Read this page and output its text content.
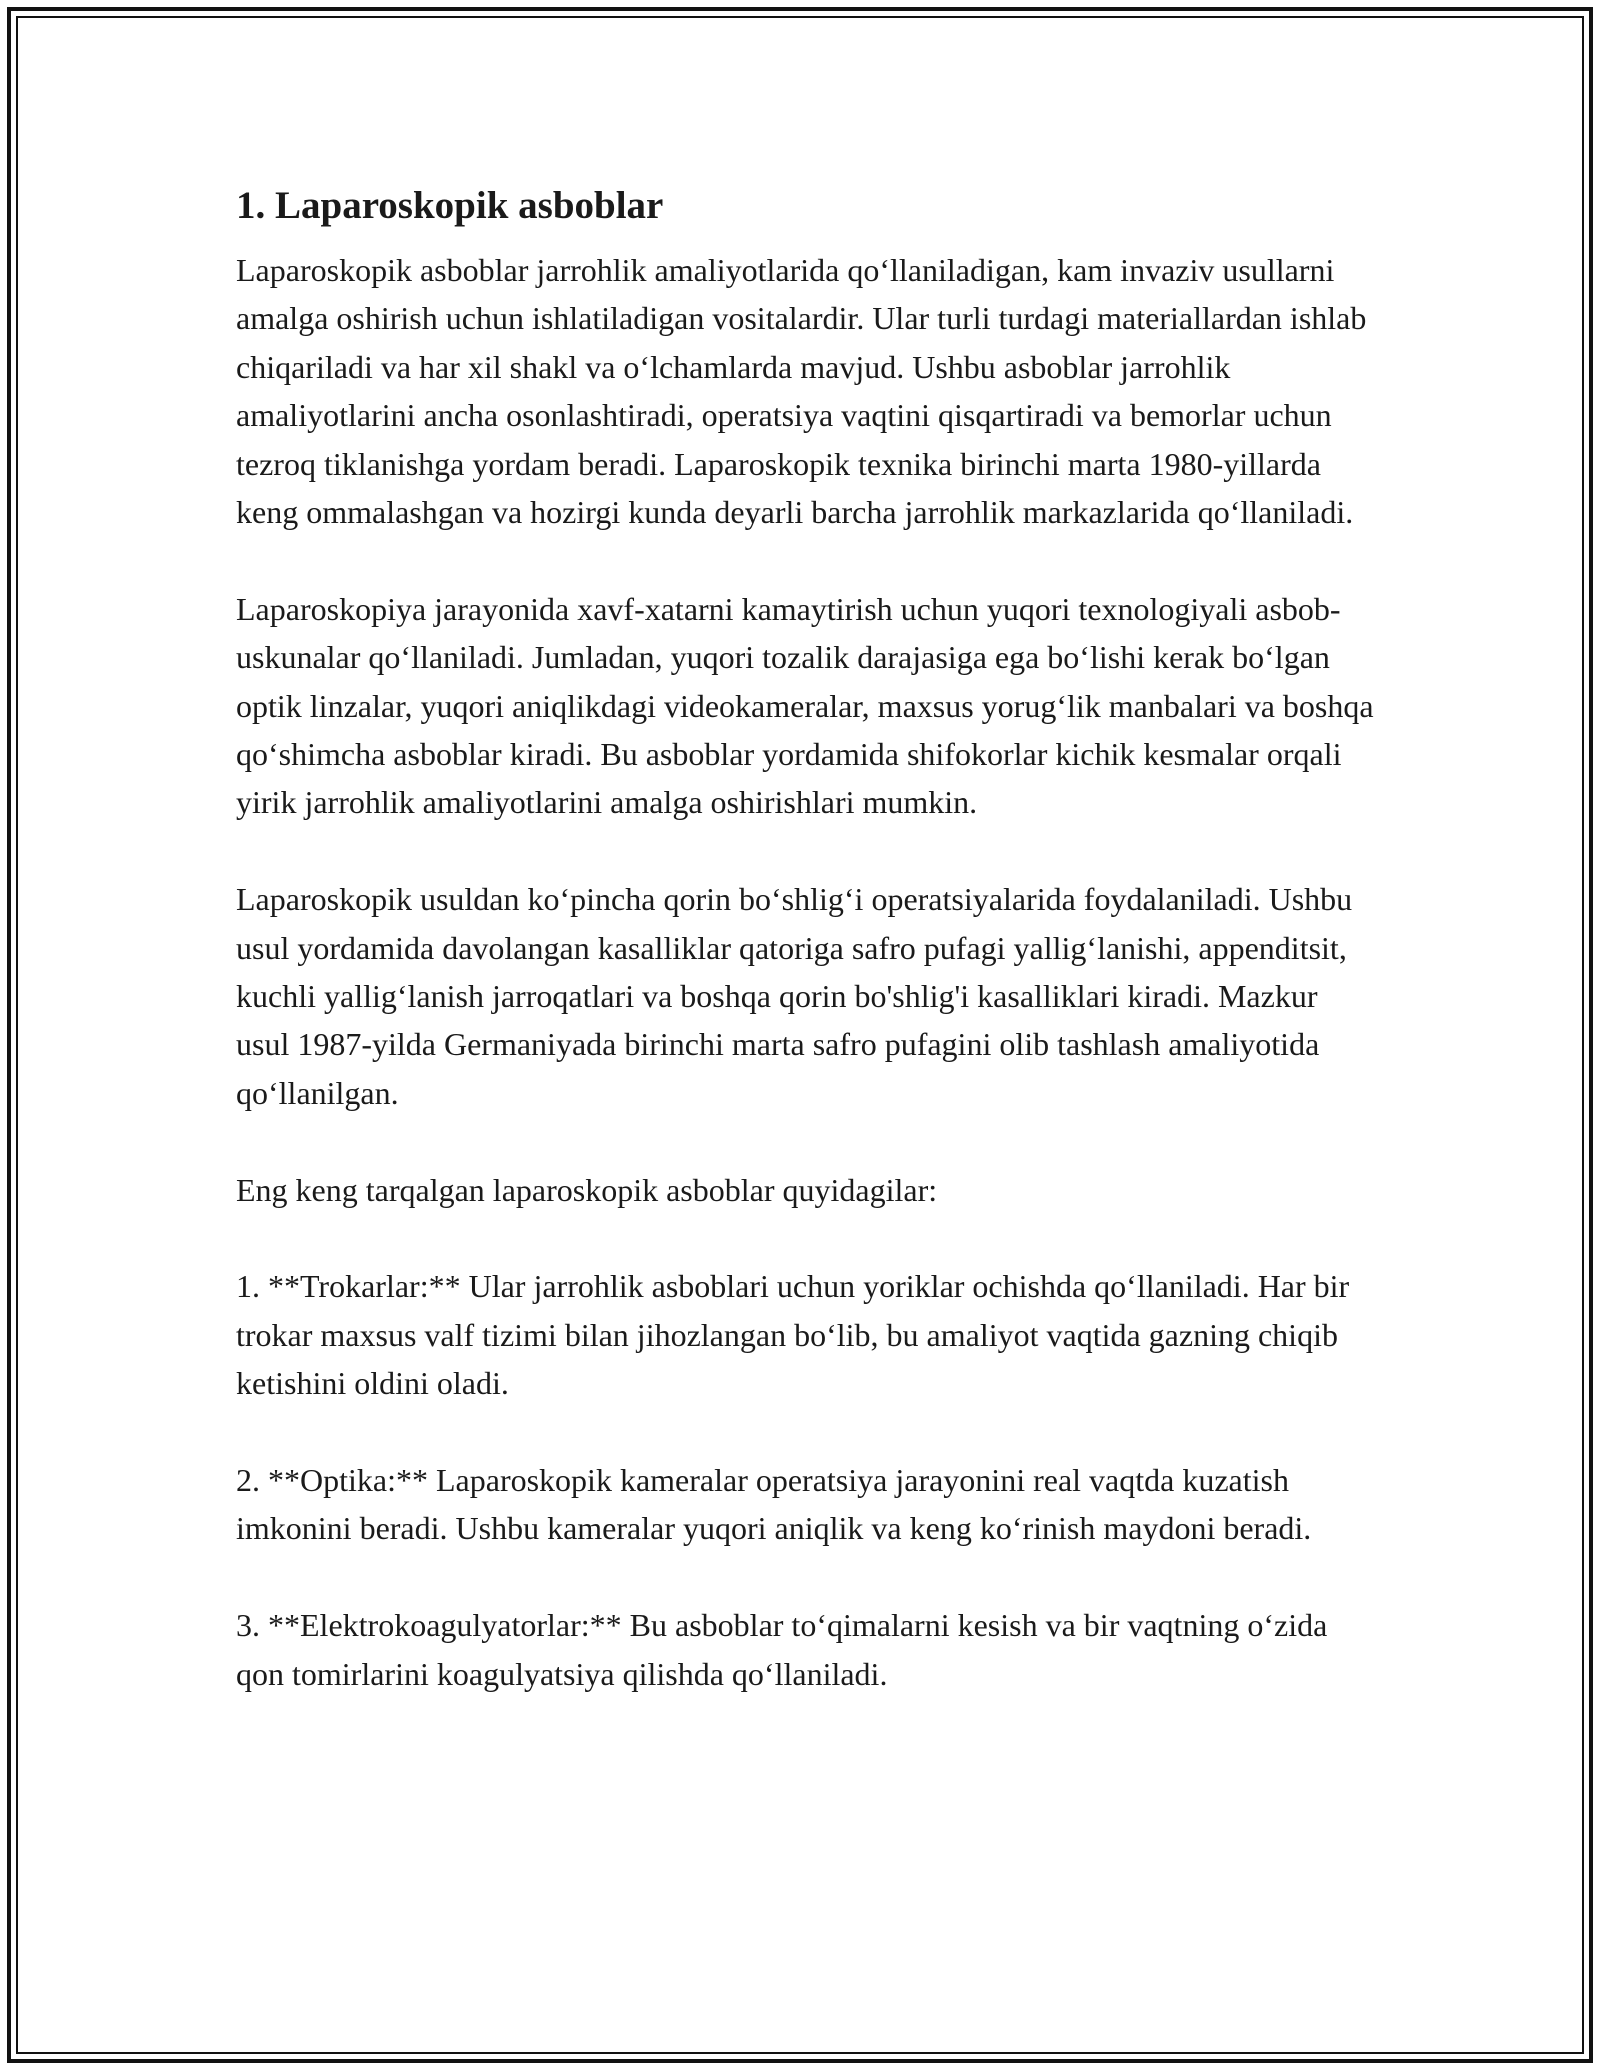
1. Laparoskopik asboblar

Laparoskopik asboblar jarrohlik amaliyotlarida qo‘llaniladigan, kam invaziv usullarni amalga oshirish uchun ishlatiladigan vositalardir. Ular turli turdagi materiallardan ishlab chiqariladi va har xil shakl va o‘lchamlarda mavjud. Ushbu asboblar jarrohlik amaliyotlarini ancha osonlashtiradi, operatsiya vaqtini qisqartiradi va bemorlar uchun tezroq tiklanishga yordam beradi. Laparoskopik texnika birinchi marta 1980-yillarda keng ommalashgan va hozirgi kunda deyarli barcha jarrohlik markazlarida qo‘llaniladi.

Laparoskopiya jarayonida xavf-xatarni kamaytirish uchun yuqori texnologiyali asbob-uskunalar qo‘llaniladi. Jumladan, yuqori tozalik darajasiga ega bo‘lishi kerak bo‘lgan optik linzalar, yuqori aniqlikdagi videokameralar, maxsus yorug‘lik manbalari va boshqa qo‘shimcha asboblar kiradi. Bu asboblar yordamida shifokorlar kichik kesmalar orqali yirik jarrohlik amaliyotlarini amalga oshirishlari mumkin.

Laparoskopik usuldan ko‘pincha qorin bo‘shlig‘i operatsiyalarida foydalaniladi. Ushbu usul yordamida davolangan kasalliklar qatoriga safro pufagi yallig‘lanishi, appenditsit, kuchli yallig‘lanish jarroqatlari va boshqa qorin bo'shlig'i kasalliklari kiradi. Mazkur usul 1987-yilda Germaniyada birinchi marta safro pufagini olib tashlash amaliyotida qo‘llanilgan.

Eng keng tarqalgan laparoskopik asboblar quyidagilar:

1. **Trokarlar:** Ular jarrohlik asboblari uchun yoriklar ochishda qo‘llaniladi. Har bir trokar maxsus valf tizimi bilan jihozlangan bo‘lib, bu amaliyot vaqtida gazning chiqib ketishini oldini oladi.

2. **Optika:** Laparoskopik kameralar operatsiya jarayonini real vaqtda kuzatish imkonini beradi. Ushbu kameralar yuqori aniqlik va keng ko‘rinish maydoni beradi.

3. **Elektrokoagulyatorlar:** Bu asboblar to‘qimalarni kesish va bir vaqtning o‘zida qon tomirlarini koagulyatsiya qilishda qo‘llaniladi.
